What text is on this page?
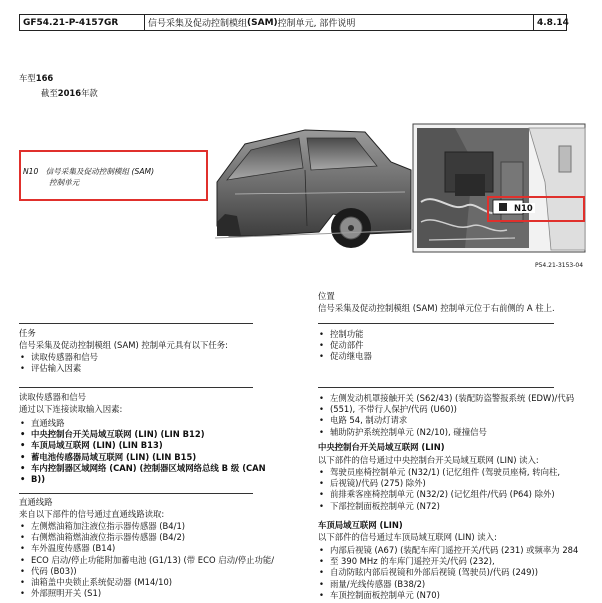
GF54.21-P-4157GR	信号采集及促动控制模组 (SAM) 控制单元, 部件说明	4.8.14
车型166
截至2016年款
N10 信号采集及促动控制模组 (SAM)
控制单元
N10
P54.21-3153-04
任务
信号采集及促动控制模组 (SAM) 控制单元具有以下任务:
• 读取传感器和信号
• 评估输入因素
读取传感器和信号
通过以下连接读取输入因素:
• 直通线路
• 中央控制台开关局域互联网 (LIN) (LIN B12)
• 车顶局域互联网 (LIN) (LIN B13)
• 蓄电池传感器局域互联网 (LIN) (LIN B15)
• 车内控制器区域网络 (CAN) (控制器区域网络总线 B 级 (CAN
• B))
直通线路
来自以下部件的信号通过直通线路读取:
• 左侧燃油箱加注液位指示器传感器 (B4/1)
• 右侧燃油箱燃油液位指示器传感器 (B4/2)
• 车外温度传感器 (B14)
• ECO 启动/停止功能附加蓄电池 (G1/13) (带 ECO 启动/停止功能/
• 代码 (B03))
• 油箱盖中央锁止系统促动器 (M14/10)
• 外部照明开关 (S1)
位置
信号采集及促动控制模组 (SAM) 控制单元位于右前侧的 A 柱上.
• 控制功能
• 促动部件
• 促动继电器
• 左侧发动机罩接触开关 (S62/43) (装配防盗警报系统 (EDW)/代码
• (551), 不带行人保护/代码 (U60))
• 电路 54, 制动灯请求
• 辅助防护系统控制单元 (N2/10), 碰撞信号
中央控制台开关局域互联网 (LIN)
以下部件的信号通过中央控制台开关局域互联网 (LIN) 读入:
• 驾驶员座椅控制单元 (N32/1) (记忆组件 (驾驶员座椅, 转向柱,
• 后视镜)/代码 (275) 除外)
• 前排乘客座椅控制单元 (N32/2) (记忆组件/代码 (P64) 除外)
• 下部控制面板控制单元 (N72)
车顶局域互联网 (LIN)
以下部件的信号通过车顶局域互联网 (LIN) 读入:
• 内部后视镜 (A67) (装配车库门遥控开关/代码 (231) 或频率为 284
• 至 390 MHz 的车库门遥控开关/代码 (232),
• 自动防眩内部后视镜和外部后视镜 (驾驶员)/代码 (249))
• 雨量/光线传感器 (B38/2)
• 车顶控制面板控制单元 (N70)
